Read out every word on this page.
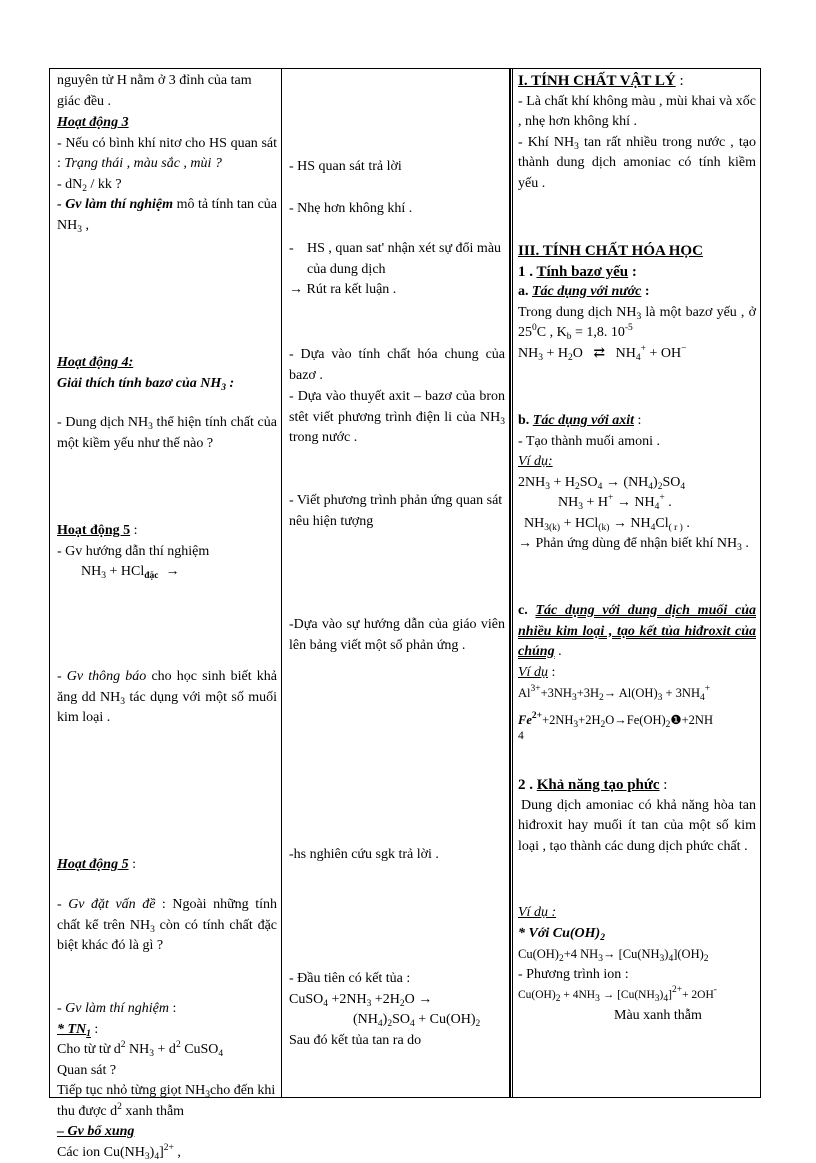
nguyên tử H nằm ở 3 đỉnh của tam giác đều .
Hoạt động 3
- Nếu có bình khí nitơ cho HS quan sát : Trạng thái , màu sắc , mùi ?
- $dN_2$ / kk ?
- Gv làm thí nghiệm mô tả tính tan của $NH_3$ ,
Hoạt động 4:
Giải thích tính bazơ của $NH_3$ :
- Dung dịch $NH_3$ thể hiện tính chất của một kiềm yếu như thế nào ?
Hoạt động 5 :
- Gv hướng dẫn thí nghiệm
$NH_3 + HCl_{đặc}$ →
- Gv thông báo cho học sinh biết khả ăng dd $NH_3$ tác dụng với một số muối kim loại .
Hoạt động 5 :
- Gv đặt vấn đề : Ngoài những tính chất kể trên $NH_3$ còn có tính chất đặc biệt khác đó là gì ?
- Gv làm thí nghiệm :
* $TN_1$ :
Cho từ từ $d^2$ $NH_3 + d^2$ CuSO$_4$
Quan sát ?
Tiếp tục nhỏ từng giọt $NH_3cho$ đến khi thu được $d^2$ xanh thẫm
– Gv bổ xung
Các ion $Cu(NH_3)_4]^{2+}$ ,
- HS quan sát trả lời
- Nhẹ hơn không khí .
- HS , quan sat' nhận xét sự đổi màu của dung dịch
→ Rút ra kết luận .
- Dựa vào tính chất hóa chung của bazơ .
- Dựa vào thuyết axit – bazơ của bron stêt viết phương trình điện li của $NH_3$ trong nước .
- Viết phương trình phản ứng quan sát nêu hiện tượng
-Dựa vào sự hướng dẫn của giáo viên lên bảng viết một số phản ứng .
-hs nghiên cứu sgk trả lời .
- Đầu tiên có kết tủa :
CuSO$_4$ $+2NH_3 +2H_2O$ →
$(NH_4)_2SO_4 + Cu(OH)_2$
Sau đó kết tủa tan ra do
I. TÍNH CHẤT VẬT LÝ :
- Là chất khí không màu , mùi khai và xốc , nhẹ hơn không khí .
- Khí $NH_3$ tan rất nhiều trong nước , tạo thành dung dịch amoniac có tính kiềm yếu .
III. TÍNH CHẤT HÓA HỌC
1 . Tính bazơ yếu :
a. Tác dụng với nước :
Trong dung dịch $NH_3$ là một bazơ yếu , ở $25^0C$ , $K_b = 1,8$. $10^{-5}$
$NH_3 + H_2O$ ⇄ $NH_4^+ + OH^-$
b. Tác dụng với axit :
- Tạo thành muối amoni .
Ví dụ:
$2NH_3 + H_2SO_4 \to (NH_4)_2SO_4$
$NH_3 + H^+ \to NH_4^+$ .
$NH_{3(k)} + HCl_{(k)} \to NH_4Cl_{( r )}$ .
→ Phản ứng dùng để nhận biết khí $NH_3$ .
c. Tác dụng với dung dịch muối của nhiều kim loại , tạo kết tủa hiđroxit của chúng .
Ví dụ :
$Al^{3+}+3NH_3+3H_2\to Al(OH)_3 + 3NH_4^+$
$Fe^{2+}+2NH_3+2H_2O\to Fe(OH)_2❶+2NH$
4
2 . Khả năng tạo phức :
Dung dịch amoniac có khả năng hòa tan hiđroxit hay muối ít tan của một số kim loại , tạo thành các dung dịch phức chất .
Ví dụ :
* Với $Cu(OH)_2$
$Cu(OH)_2+4$ $NH_3\to [Cu(NH_3)_4](OH)_2$
- Phương trình ion :
$Cu(OH)_2 + 4NH_3 \to [Cu(NH_3)_4]^{2+}+ 2OH^-$
Màu xanh thẫm
